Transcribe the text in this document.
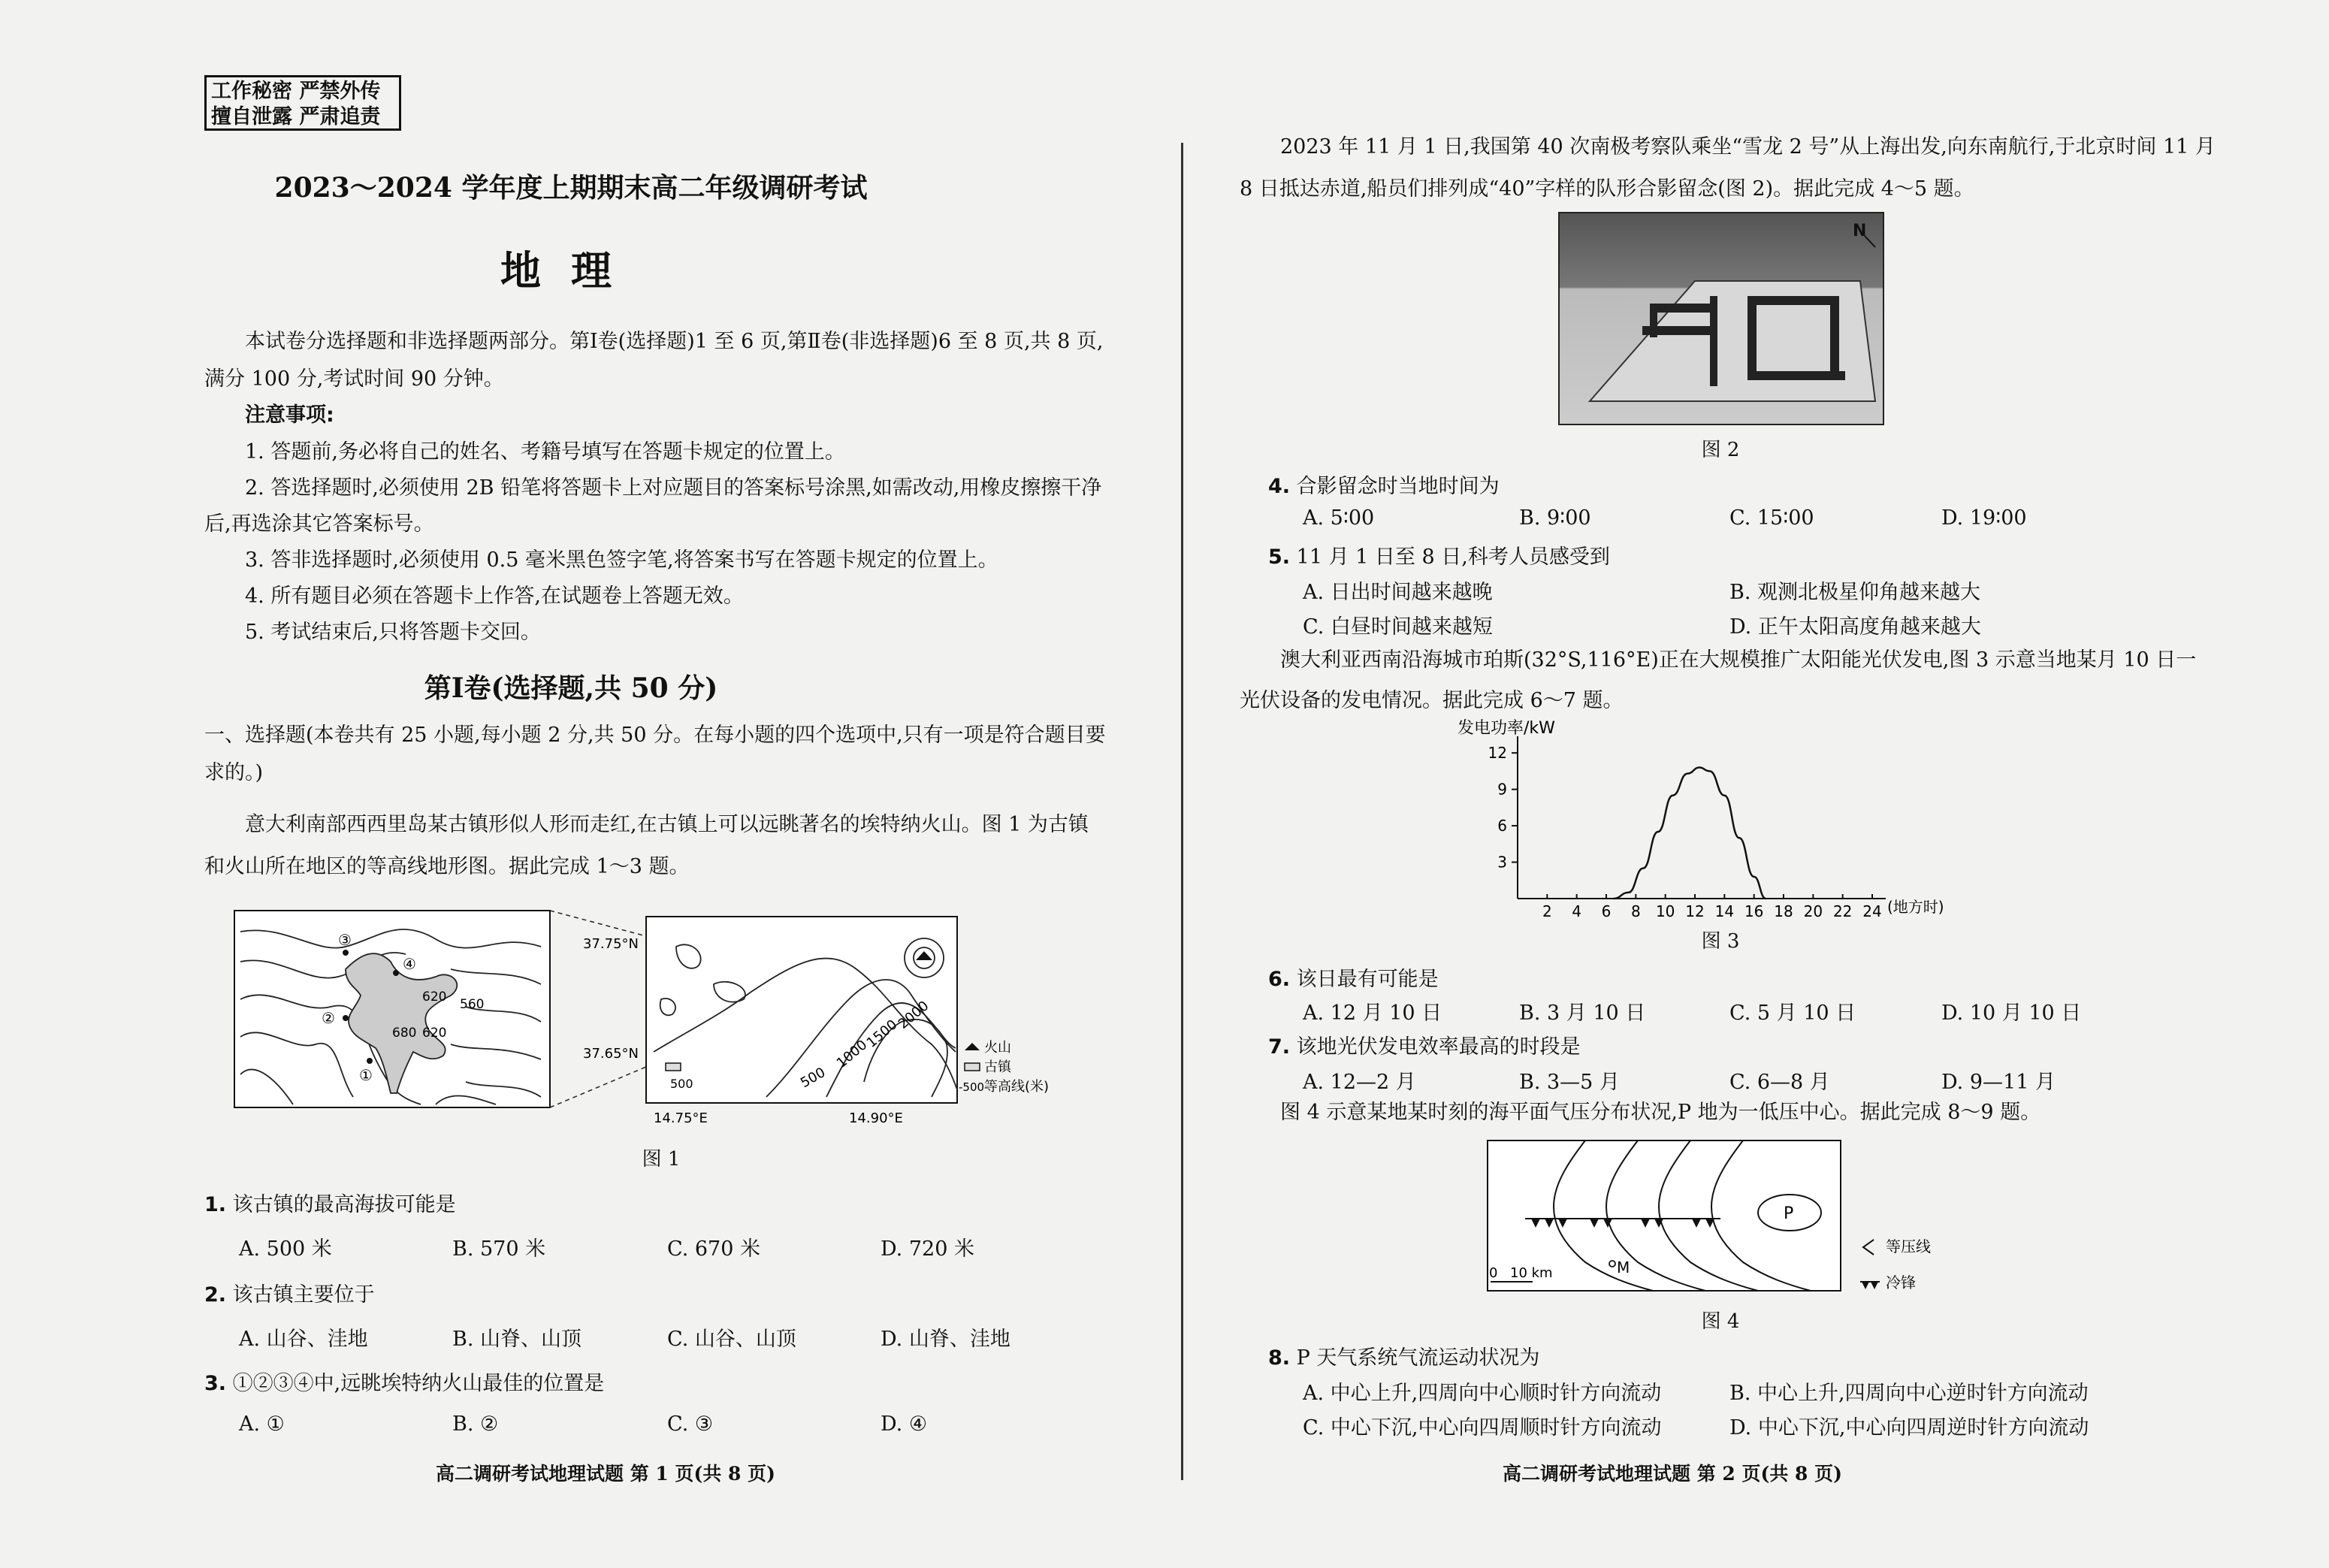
工作秘密 严禁外传
擅自泄露 严肃追责
2023～2024 学年度上期期末高二年级调研考试
地理
本试卷分选择题和非选择题两部分。第Ⅰ卷(选择题)1 至 6 页,第Ⅱ卷(非选择题)6 至 8 页,共 8 页,满分 100 分,考试时间 90 分钟。
注意事项:
1. 答题前,务必将自己的姓名、考籍号填写在答题卡规定的位置上。
2. 答选择题时,必须使用 2B 铅笔将答题卡上对应题目的答案标号涂黑,如需改动,用橡皮擦擦干净后,再选涂其它答案标号。
3. 答非选择题时,必须使用 0.5 毫米黑色签字笔,将答案书写在答题卡规定的位置上。
4. 所有题目必须在答题卡上作答,在试题卷上答题无效。
5. 考试结束后,只将答题卡交回。
第Ⅰ卷(选择题,共 50 分)
一、选择题(本卷共有 25 小题,每小题 2 分,共 50 分。在每小题的四个选项中,只有一项是符合题目要求的。)
意大利南部西西里岛某古镇形似人形而走红,在古镇上可以远眺著名的埃特纳火山。图 1 为古镇和火山所在地区的等高线地形图。据此完成 1～3 题。
③
④
②
①
620 560
680 620
2000
1500
1000
500
500
37.75°N
37.65°N
14.75°E	14.90°E
火山
古镇
-500-
等高线(米)
图 1
1. 该古镇的最高海拔可能是
A. 500 米	B. 570 米	C. 670 米	D. 720 米
2. 该古镇主要位于
A. 山谷、洼地	B. 山脊、山顶	C. 山谷、山顶	D. 山脊、洼地
3. ①②③④中,远眺埃特纳火山最佳的位置是
A. ①	B. ②	C. ③	D. ④
高二调研考试地理试题 第 1 页(共 8 页)
2023 年 11 月 1 日,我国第 40 次南极考察队乘坐“雪龙 2 号”从上海出发,向东南航行,于北京时间 11 月 8 日抵达赤道,船员们排列成“40”字样的队形合影留念(图 2)。据此完成 4～5 题。
N
图 2
4. 合影留念时当地时间为
A. 5∶00	B. 9∶00	C. 15∶00	D. 19∶00
5. 11 月 1 日至 8 日,科考人员感受到
A. 日出时间越来越晚	B. 观测北极星仰角越来越大
C. 白昼时间越来越短	D. 正午太阳高度角越来越大
澳大利亚西南沿海城市珀斯(32°S,116°E)正在大规模推广太阳能光伏发电,图 3 示意当地某月 10 日一光伏设备的发电情况。据此完成 6～7 题。
发电功率/kW
3
6
9
12
2 4 6 8 10 12 14 16 18 20 22 24 (地方时)
图 3
6. 该日最有可能是
A. 12 月 10 日	B. 3 月 10 日	C. 5 月 10 日	D. 10 月 10 日
7. 该地光伏发电效率最高的时段是
A. 12—2 月	B. 3—5 月	C. 6—8 月	D. 9—11 月
图 4 示意某地某时刻的海平面气压分布状况,P 地为一低压中心。据此完成 8～9 题。
P
M
0 10 km
等压线
冷锋
图 4
8. P 天气系统气流运动状况为
A. 中心上升,四周向中心顺时针方向流动	B. 中心上升,四周向中心逆时针方向流动
C. 中心下沉,中心向四周顺时针方向流动	D. 中心下沉,中心向四周逆时针方向流动
高二调研考试地理试题 第 2 页(共 8 页)
